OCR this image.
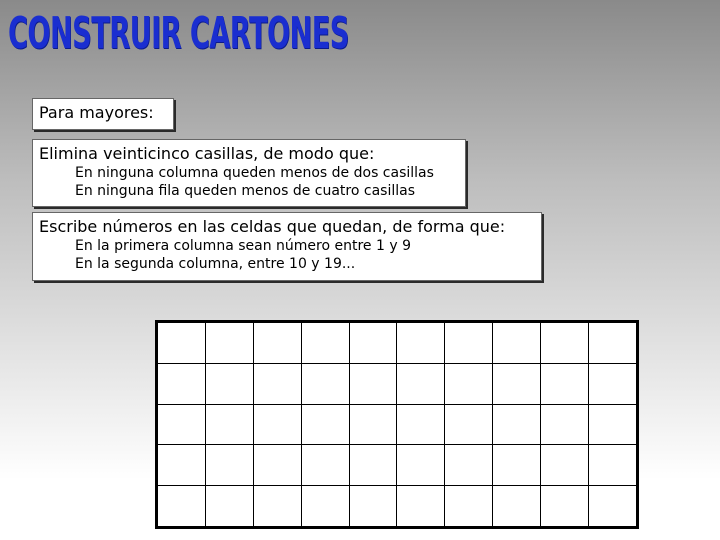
CONSTRUIR CARTONES
Para mayores:
Elimina veinticinco casillas, de modo que:
En ninguna columna queden menos de dos casillas
En ninguna fila queden menos de cuatro casillas
Escribe números en las celdas que quedan, de forma que:
En la primera columna sean número entre 1 y 9
En la segunda columna, entre 10 y 19...
